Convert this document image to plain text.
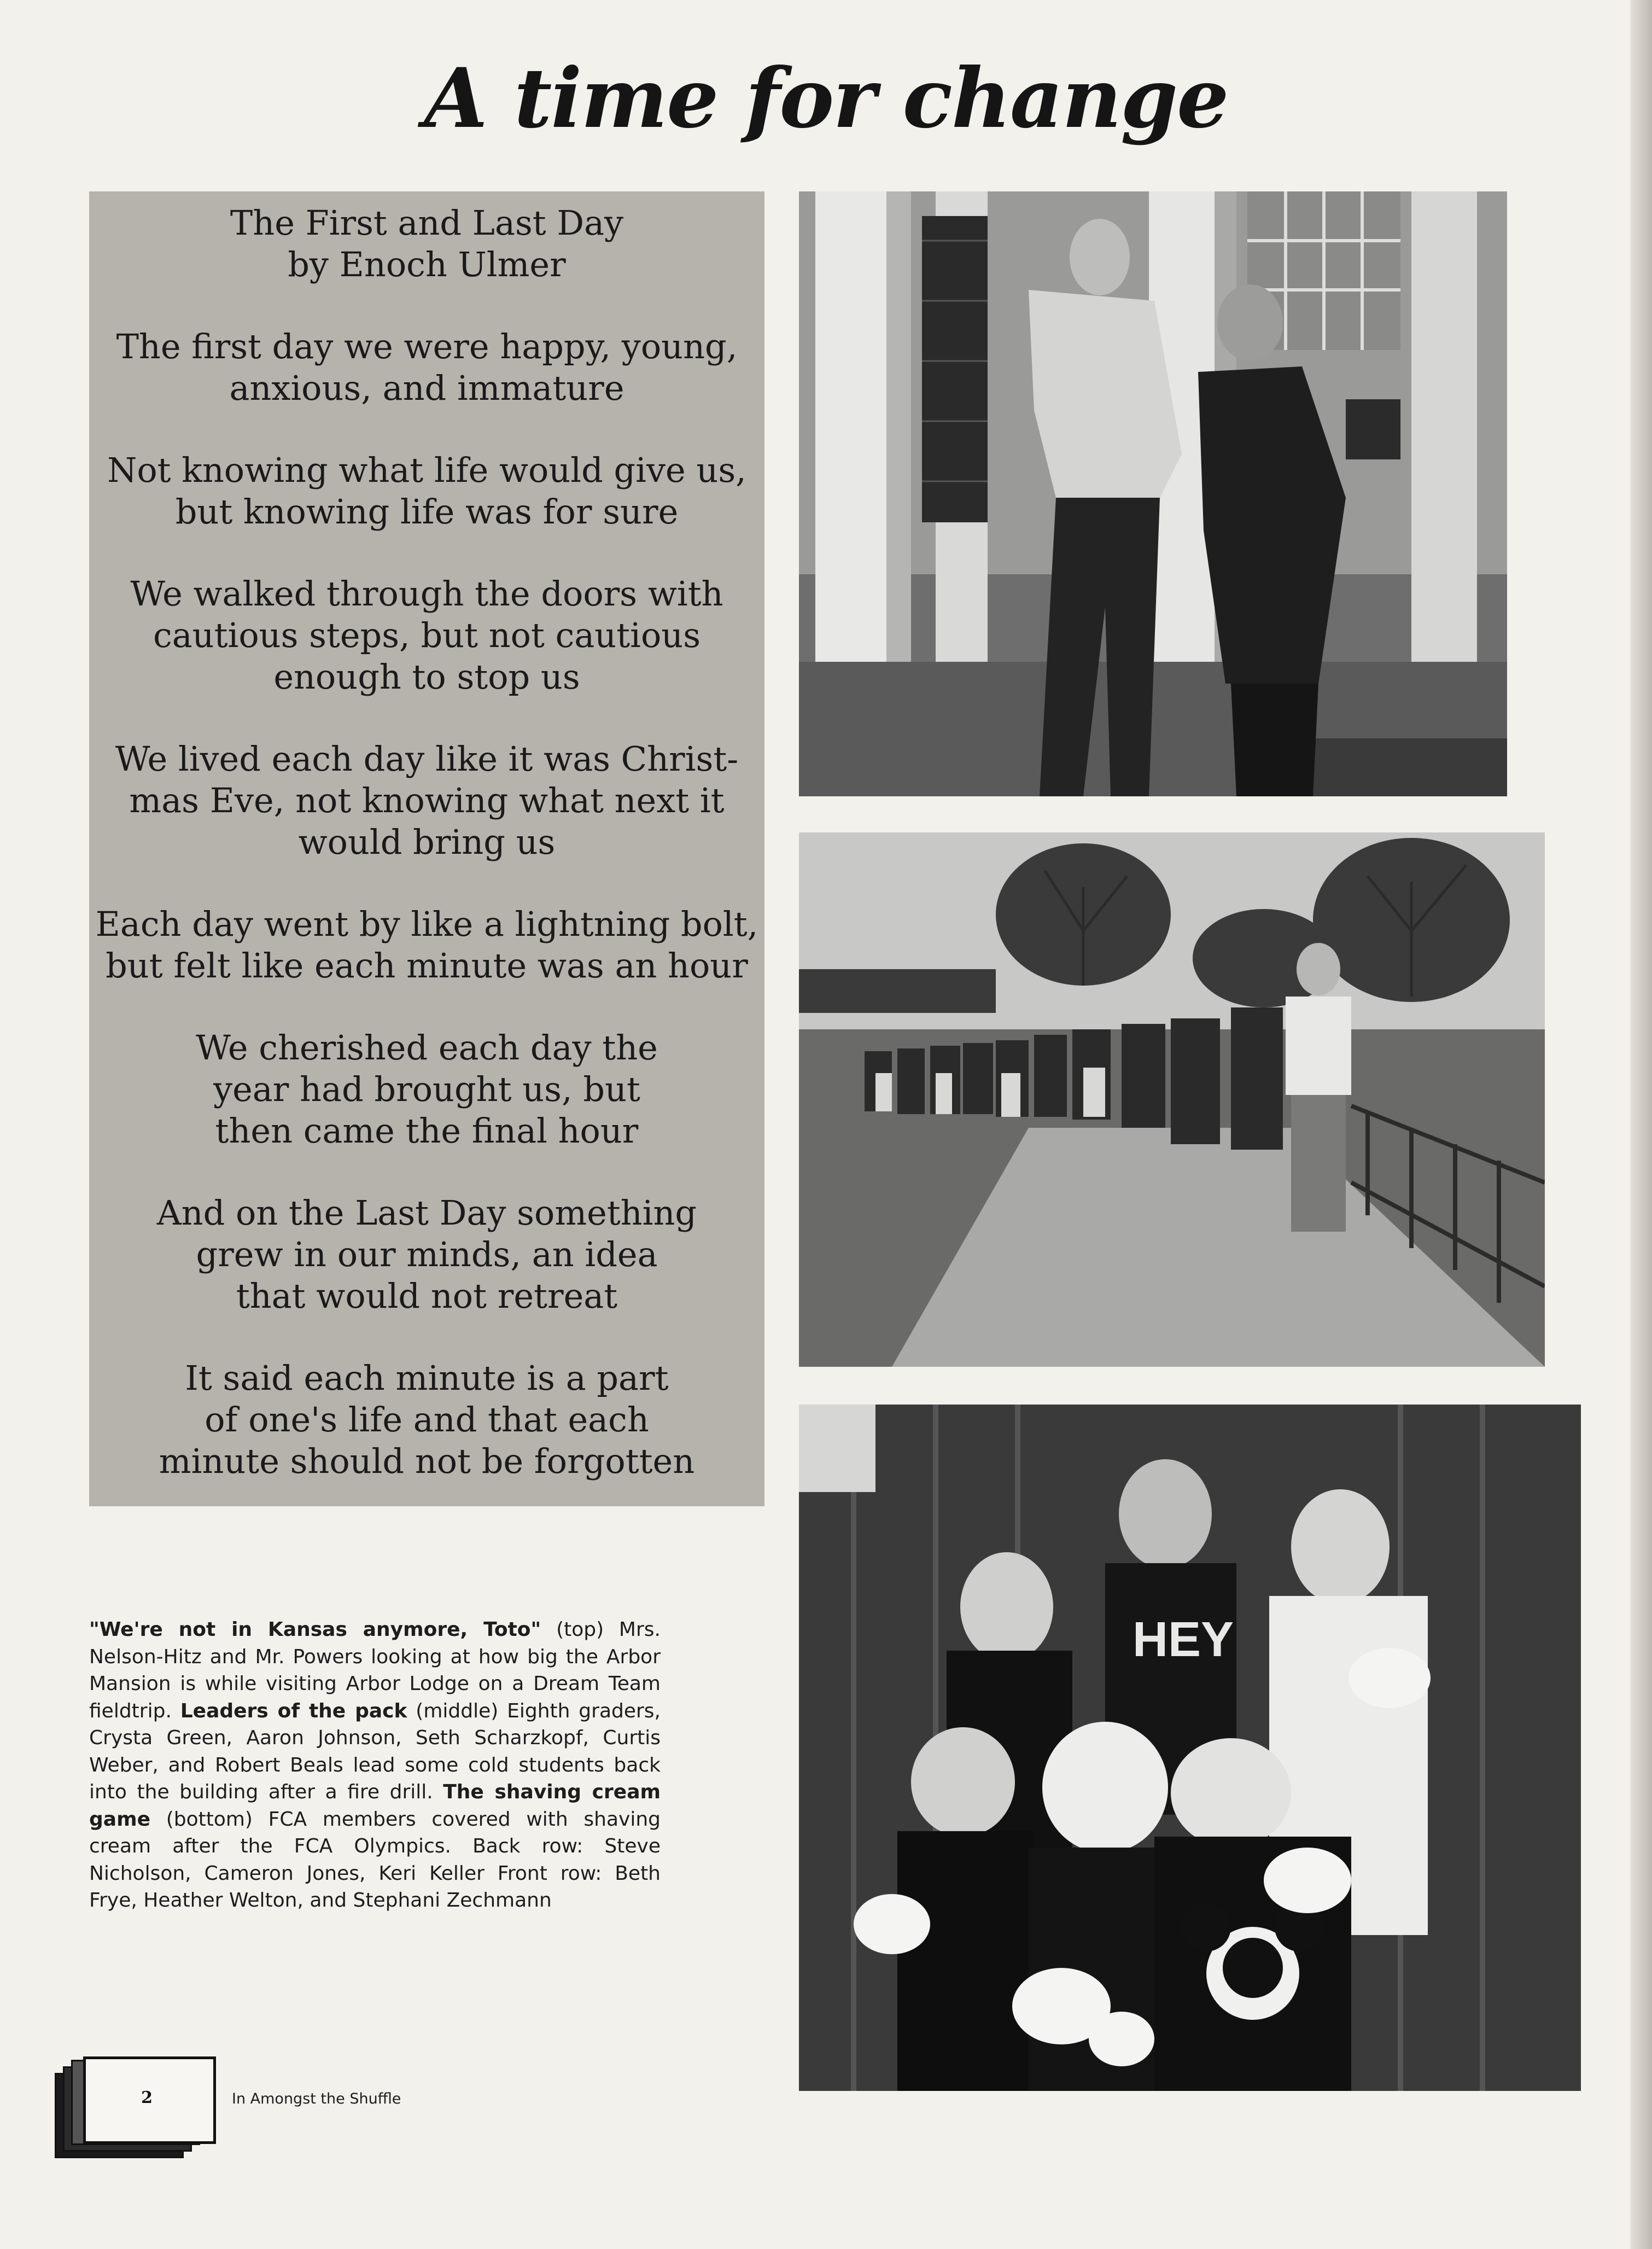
A time for change
The First and Last Day
by Enoch Ulmer
The first day we were happy, young,
anxious, and immature
Not knowing what life would give us,
but knowing life was for sure
We walked through the doors with
cautious steps, but not cautious
enough to stop us
We lived each day like it was Christ-
mas Eve, not knowing what next it
would bring us
Each day went by like a lightning bolt,
but felt like each minute was an hour
We cherished each day the
year had brought us, but
then came the final hour
And on the Last Day something
grew in our minds, an idea
that would not retreat
It said each minute is a part
of one's life and that each
minute should not be forgotten
HEY
"We're not in Kansas anymore, Toto" (top) Mrs. Nelson-Hitz and Mr. Powers looking at how big the Arbor Mansion is while visiting Arbor Lodge on a Dream Team fieldtrip. Leaders of the pack (middle) Eighth graders, Crysta Green, Aaron Johnson, Seth Scharzkopf, Curtis Weber, and Robert Beals lead some cold students back into the building after a fire drill. The shaving cream game (bottom) FCA members covered with shaving cream after the FCA Olympics. Back row: Steve Nicholson, Cameron Jones, Keri Keller Front row: Beth Frye, Heather Welton, and Stephani Zechmann
2	In Amongst the Shuffle
